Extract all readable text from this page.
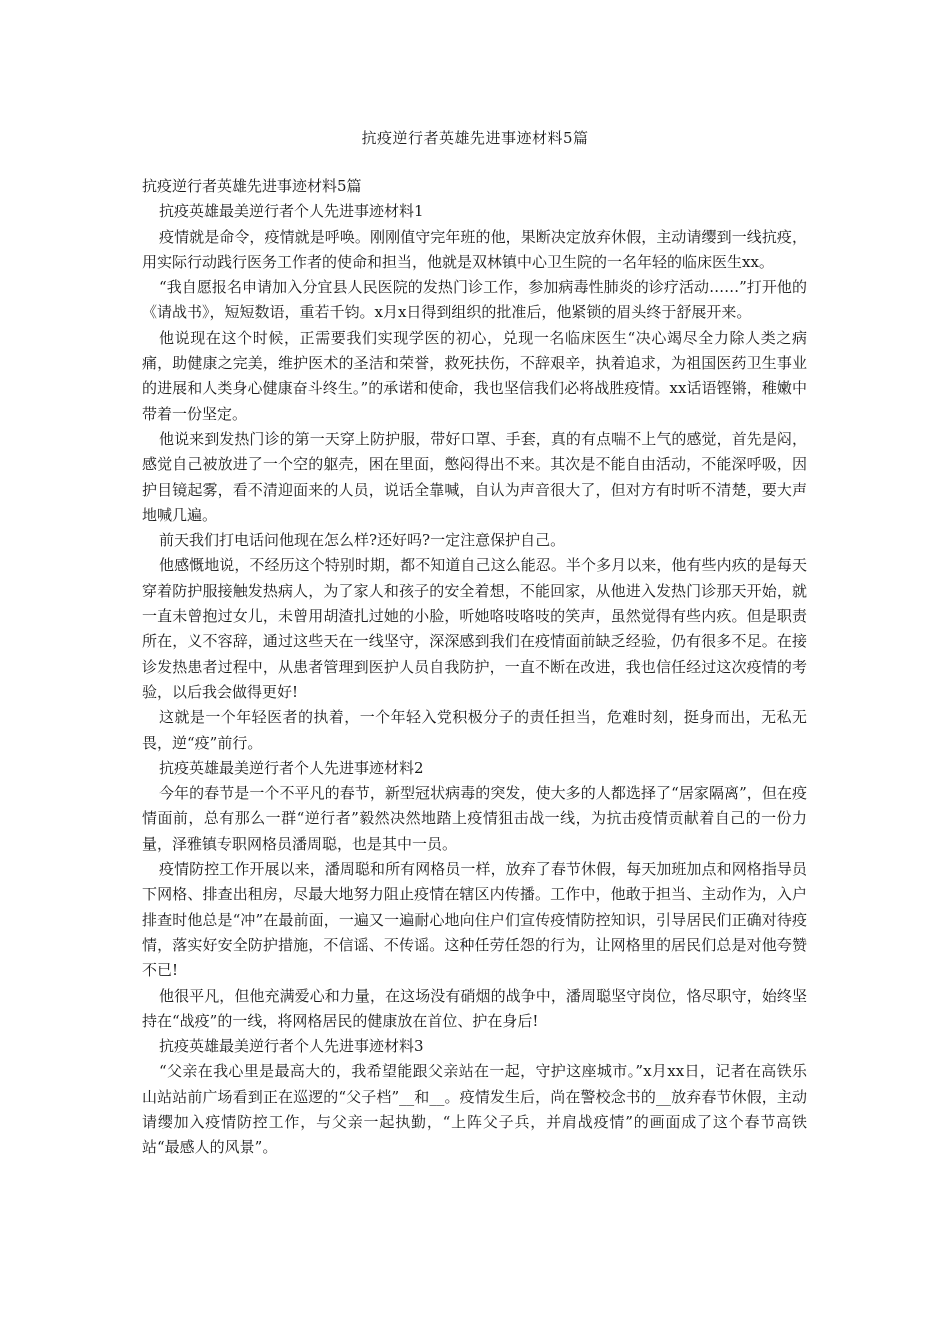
抗疫逆行者英雄先进事迹材料5篇

抗疫逆行者英雄先进事迹材料5篇

抗疫英雄最美逆行者个人先进事迹材料1

疫情就是命令，疫情就是呼唤。刚刚值守完年班的他，果断决定放弃休假，主动请缨到一线抗疫，用实际行动践行医务工作者的使命和担当，他就是双林镇中心卫生院的一名年轻的临床医生xx。

“我自愿报名申请加入分宜县人民医院的发热门诊工作，参加病毒性肺炎的诊疗活动……”打开他的《请战书》，短短数语，重若千钧。x月x日得到组织的批准后，他紧锁的眉头终于舒展开来。

他说现在这个时候，正需要我们实现学医的初心，兑现一名临床医生“决心竭尽全力除人类之病痛，助健康之完美，维护医术的圣洁和荣誉，救死扶伤，不辞艰辛，执着追求，为祖国医药卫生事业的进展和人类身心健康奋斗终生。”的承诺和使命，我也坚信我们必将战胜疫情。xx话语铿锵，稚嫩中带着一份坚定。

他说来到发热门诊的第一天穿上防护服，带好口罩、手套，真的有点喘不上气的感觉，首先是闷，感觉自己被放进了一个空的躯壳，困在里面，憋闷得出不来。其次是不能自由活动，不能深呼吸，因护目镜起雾，看不清迎面来的人员，说话全靠喊，自认为声音很大了，但对方有时听不清楚，要大声地喊几遍。

前天我们打电话问他现在怎么样?还好吗?一定注意保护自己。

他感慨地说，不经历这个特别时期，都不知道自己这么能忍。半个多月以来，他有些内疚的是每天穿着防护服接触发热病人，为了家人和孩子的安全着想，不能回家，从他进入发热门诊那天开始，就一直未曾抱过女儿，未曾用胡渣扎过她的小脸，听她咯吱咯吱的笑声，虽然觉得有些内疚。但是职责所在，义不容辞，通过这些天在一线坚守，深深感到我们在疫情面前缺乏经验，仍有很多不足。在接诊发热患者过程中，从患者管理到医护人员自我防护，一直不断在改进，我也信任经过这次疫情的考验，以后我会做得更好!

这就是一个年轻医者的执着，一个年轻入党积极分子的责任担当，危难时刻，挺身而出，无私无畏，逆“疫”前行。

抗疫英雄最美逆行者个人先进事迹材料2

今年的春节是一个不平凡的春节，新型冠状病毒的突发，使大多的人都选择了“居家隔离”，但在疫情面前，总有那么一群“逆行者”毅然决然地踏上疫情狙击战一线，为抗击疫情贡献着自己的一份力量，泽雅镇专职网格员潘周聪，也是其中一员。

疫情防控工作开展以来，潘周聪和所有网格员一样，放弃了春节休假，每天加班加点和网格指导员下网格、排查出租房，尽最大地努力阻止疫情在辖区内传播。工作中，他敢于担当、主动作为，入户排查时他总是“冲”在最前面，一遍又一遍耐心地向住户们宣传疫情防控知识，引导居民们正确对待疫情，落实好安全防护措施，不信谣、不传谣。这种任劳任怨的行为，让网格里的居民们总是对他夸赞不已!

他很平凡，但他充满爱心和力量，在这场没有硝烟的战争中，潘周聪坚守岗位，恪尽职守，始终坚持在“战疫”的一线，将网格居民的健康放在首位、护在身后!

抗疫英雄最美逆行者个人先进事迹材料3

“父亲在我心里是最高大的，我希望能跟父亲站在一起，守护这座城市。”x月xx日，记者在高铁乐山站站前广场看到正在巡逻的“父子档”__和__。疫情发生后，尚在警校念书的__放弃春节休假，主动请缨加入疫情防控工作，与父亲一起执勤，“上阵父子兵，并肩战疫情”的画面成了这个春节高铁站“最感人的风景”。
